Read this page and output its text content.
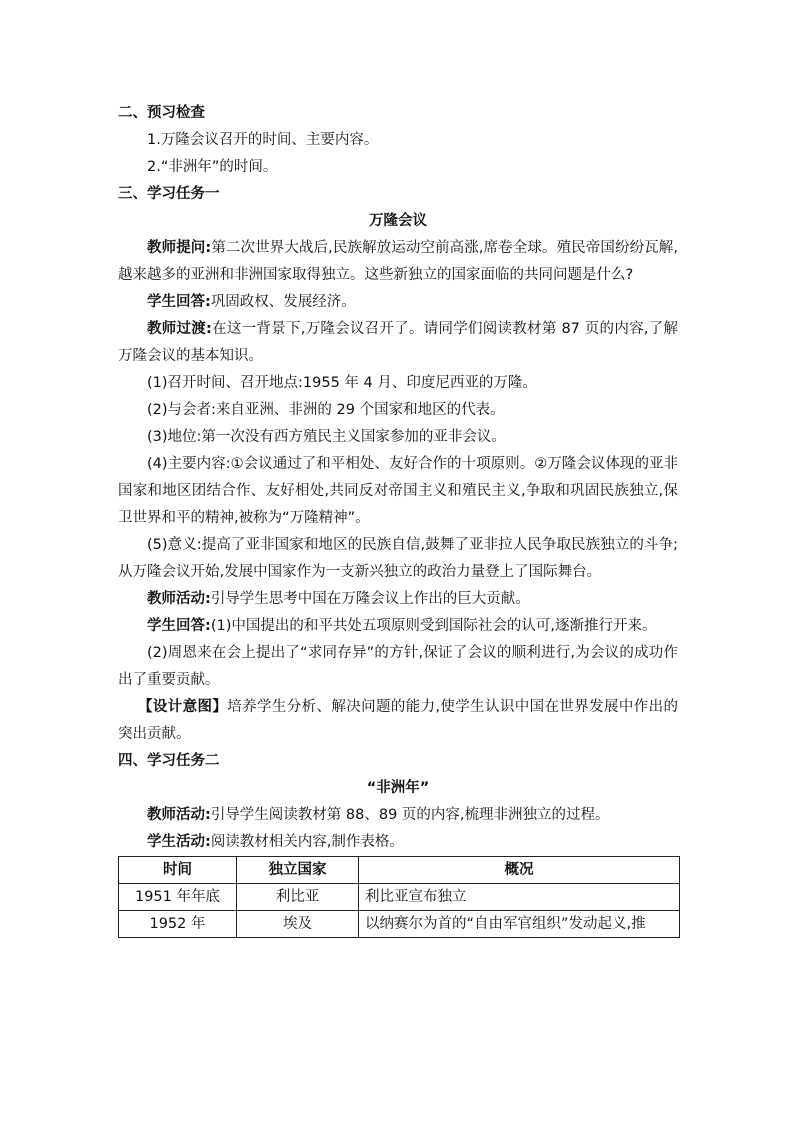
二、预习检查

1.万隆会议召开的时间、主要内容。

2.“非洲年”的时间。

三、学习任务一

万隆会议

教师提问:第二次世界大战后,民族解放运动空前高涨,席卷全球。殖民帝国纷纷瓦解,越来越多的亚洲和非洲国家取得独立。这些新独立的国家面临的共同问题是什么?

学生回答:巩固政权、发展经济。

教师过渡:在这一背景下,万隆会议召开了。请同学们阅读教材第 87 页的内容,了解万隆会议的基本知识。

(1)召开时间、召开地点:1955 年 4 月、印度尼西亚的万隆。

(2)与会者:来自亚洲、非洲的 29 个国家和地区的代表。

(3)地位:第一次没有西方殖民主义国家参加的亚非会议。

(4)主要内容:①会议通过了和平相处、友好合作的十项原则。②万隆会议体现的亚非国家和地区团结合作、友好相处,共同反对帝国主义和殖民主义,争取和巩固民族独立,保卫世界和平的精神,被称为“万隆精神”。

(5)意义:提高了亚非国家和地区的民族自信,鼓舞了亚非拉人民争取民族独立的斗争;从万隆会议开始,发展中国家作为一支新兴独立的政治力量登上了国际舞台。

教师活动:引导学生思考中国在万隆会议上作出的巨大贡献。

学生回答:(1)中国提出的和平共处五项原则受到国际社会的认可,逐渐推行开来。

(2)周恩来在会上提出了“求同存异”的方针,保证了会议的顺利进行,为会议的成功作出了重要贡献。

【设计意图】培养学生分析、解决问题的能力,使学生认识中国在世界发展中作出的突出贡献。

四、学习任务二

“非洲年”

教师活动:引导学生阅读教材第 88、89 页的内容,梳理非洲独立的过程。

学生活动:阅读教材相关内容,制作表格。

时间	独立国家	概况
1951 年年底	利比亚	利比亚宣布独立
1952 年	埃及	以纳赛尔为首的“自由军官组织”发动起义,推
